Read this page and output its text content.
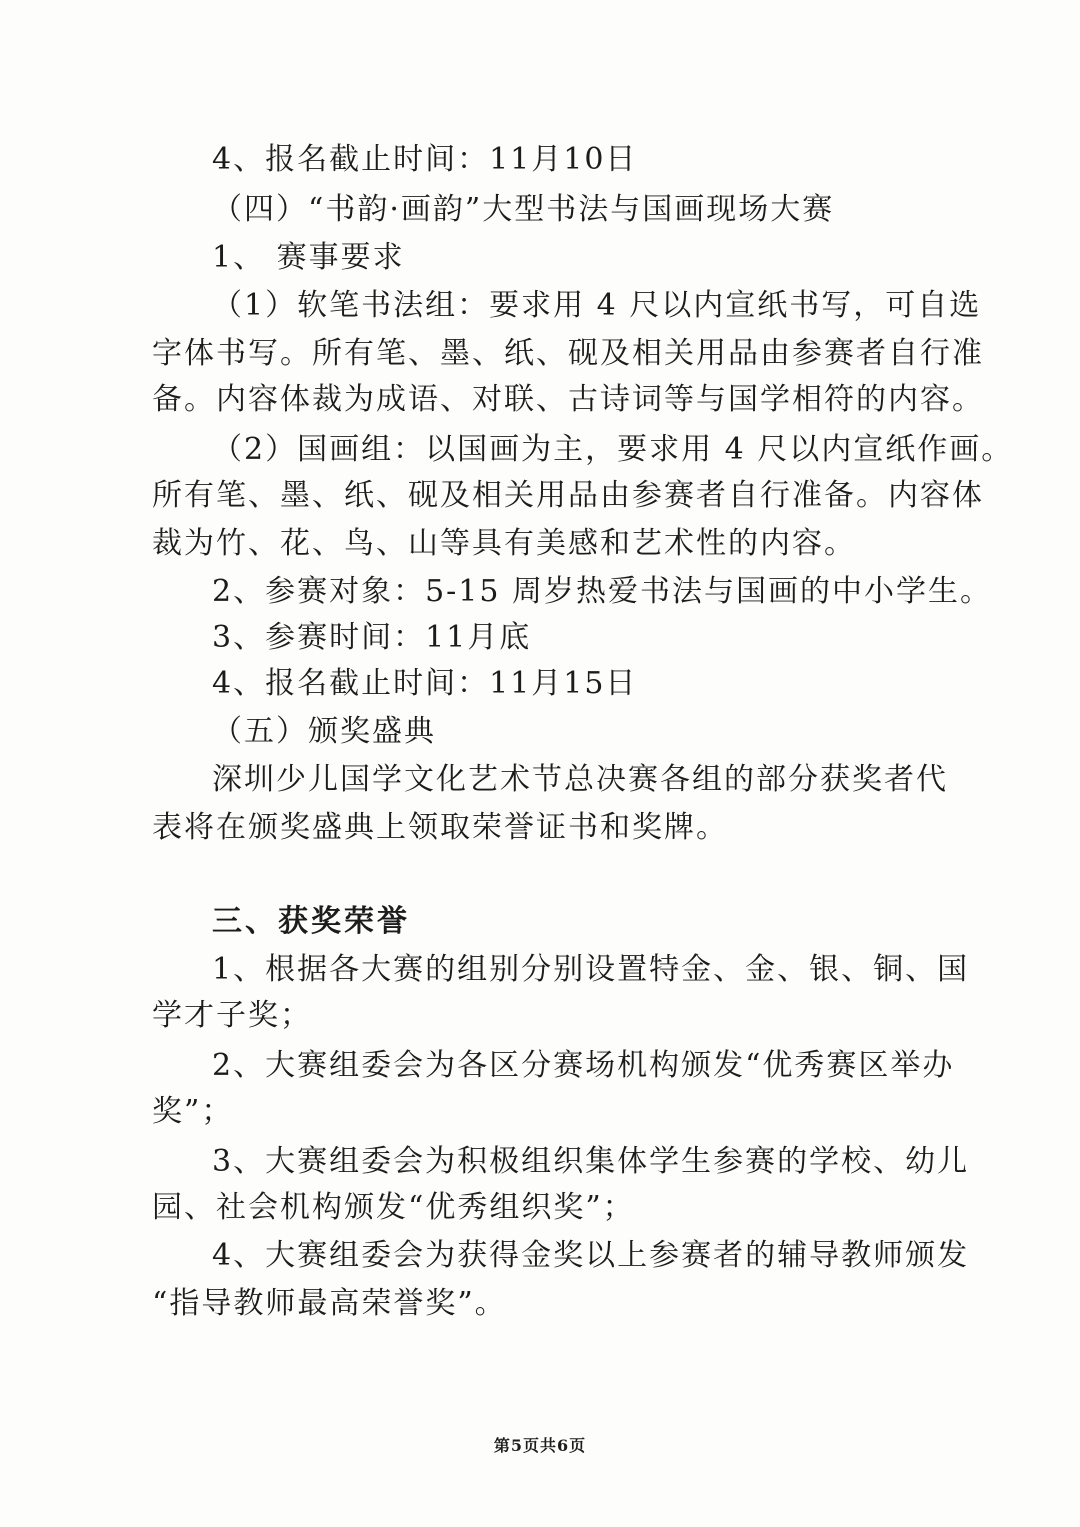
4、报名截止时间：11月10日
（四）“书韵·画韵”大型书法与国画现场大赛
1、 赛事要求
（1）软笔书法组：要求用 4 尺以内宣纸书写，可自选
字体书写。所有笔、墨、纸、砚及相关用品由参赛者自行准
备。内容体裁为成语、对联、古诗词等与国学相符的内容。
（2）国画组：以国画为主，要求用 4 尺以内宣纸作画。
所有笔、墨、纸、砚及相关用品由参赛者自行准备。内容体
裁为竹、花、鸟、山等具有美感和艺术性的内容。
2、参赛对象：5-15 周岁热爱书法与国画的中小学生。
3、参赛时间：11月底
4、报名截止时间：11月15日
（五）颁奖盛典
深圳少儿国学文化艺术节总决赛各组的部分获奖者代
表将在颁奖盛典上领取荣誉证书和奖牌。
三、获奖荣誉
1、根据各大赛的组别分别设置特金、金、银、铜、国
学才子奖；
2、大赛组委会为各区分赛场机构颁发“优秀赛区举办
奖”；
3、大赛组委会为积极组织集体学生参赛的学校、幼儿
园、社会机构颁发“优秀组织奖”；
4、大赛组委会为获得金奖以上参赛者的辅导教师颁发
“指导教师最高荣誉奖”。
第5页共6页
